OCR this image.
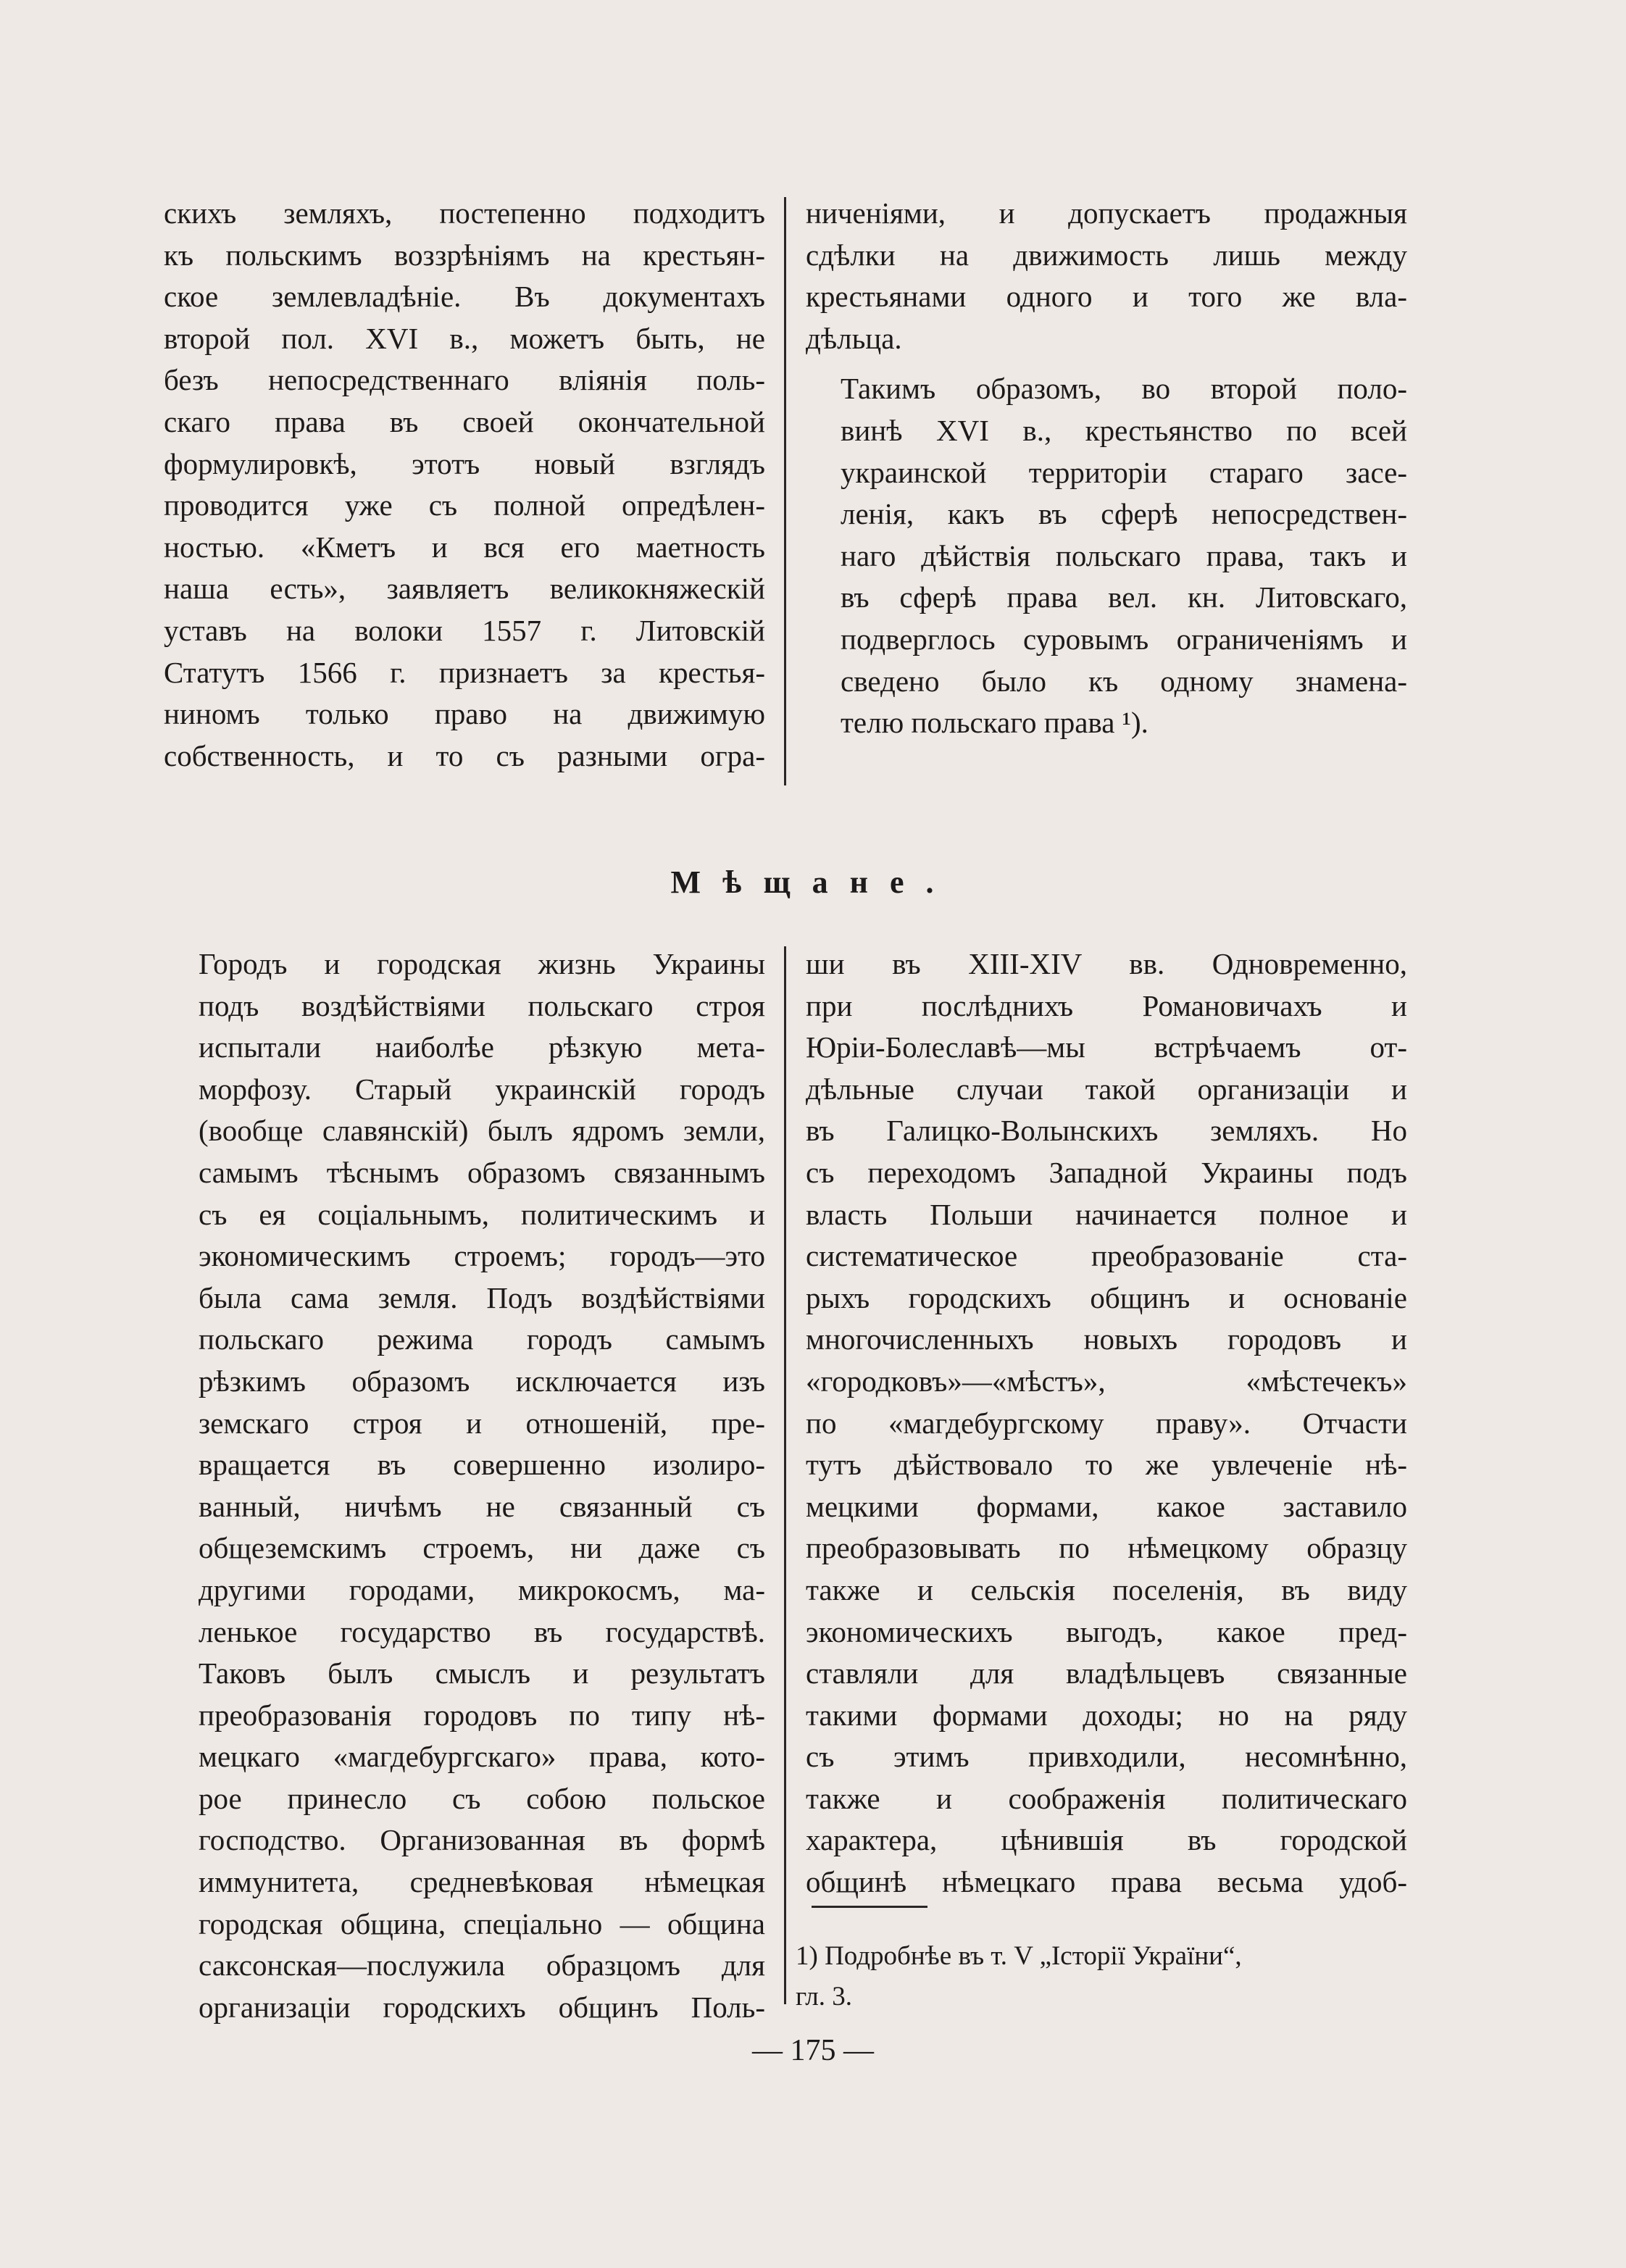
скихъ земляхъ, постепенно подходитъ
къ польскимъ воззрѣніямъ на крестьян-
ское землевладѣніе. Въ документахъ
второй пол. XVI в., можетъ быть, не
безъ непосредственнаго вліянія поль-
скаго права въ своей окончательной
формулировкѣ, этотъ новый взглядъ
проводится уже съ полной опредѣлен-
ностью. «Кметъ и вся его маетность
наша есть», заявляетъ великокняжескій
уставъ на волоки 1557 г. Литовскій
Статутъ 1566 г. признаетъ за крестья-
ниномъ только право на движимую
собственность, и то съ разными огра-

ниченіями, и допускаетъ продажныя
сдѣлки на движимость лишь между
крестьянами одного и того же вла-
дѣльца.

Такимъ образомъ, во второй поло-
винѣ XVI в., крестьянство по всей
украинской территоріи стараго засе-
ленія, какъ въ сферѣ непосредствен-
наго дѣйствія польскаго права, такъ и
въ сферѣ права вел. кн. Литовскаго,
подверглось суровымъ ограниченіямъ и
сведено было къ одному знамена-
телю польскаго права ¹).

Мѣщане.

Городъ и городская жизнь Украины
подъ воздѣйствіями польскаго строя
испытали наиболѣе рѣзкую мета-
морфозу. Старый украинскій городъ
(вообще славянскій) былъ ядромъ земли,
самымъ тѣснымъ образомъ связаннымъ
съ ея соціальнымъ, политическимъ и
экономическимъ строемъ; городъ—это
была сама земля. Подъ воздѣйствіями
польскаго режима городъ самымъ
рѣзкимъ образомъ исключается изъ
земскаго строя и отношеній, пре-
вращается въ совершенно изолиро-
ванный, ничѣмъ не связанный съ
общеземскимъ строемъ, ни даже съ
другими городами, микрокосмъ, ма-
ленькое государство въ государствѣ.
Таковъ былъ смыслъ и результатъ
преобразованія городовъ по типу нѣ-
мецкаго «магдебургскаго» права, кото-
рое принесло съ собою польское
господство. Организованная въ формѣ
иммунитета, средневѣковая нѣмецкая
городская община, спеціально — община
саксонская—послужила образцомъ для
организаціи городскихъ общинъ Поль-

ши въ XIII-XIV вв. Одновременно,
при послѣднихъ Романовичахъ и
Юріи-Болеславѣ—мы встрѣчаемъ от-
дѣльные случаи такой организаціи и
въ Галицко-Волынскихъ земляхъ. Но
съ переходомъ Западной Украины подъ
власть Польши начинается полное и
систематическое преобразованіе ста-
рыхъ городскихъ общинъ и основаніе
многочисленныхъ новыхъ городовъ и
«городковъ»—«мѣстъ», «мѣстечекъ»
по «магдебургскому праву». Отчасти
тутъ дѣйствовало то же увлеченіе нѣ-
мецкими формами, какое заставило
преобразовывать по нѣмецкому образцу
также и сельскія поселенія, въ виду
экономическихъ выгодъ, какое пред-
ставляли для владѣльцевъ связанные
такими формами доходы; но на ряду
съ этимъ привходили, несомнѣнно,
также и соображенія политическаго
характера, цѣнившія въ городской
общинѣ нѣмецкаго права весьма удоб-

1) Подробнѣе въ т. V „Історії України“,
гл. 3.
— 175 —
